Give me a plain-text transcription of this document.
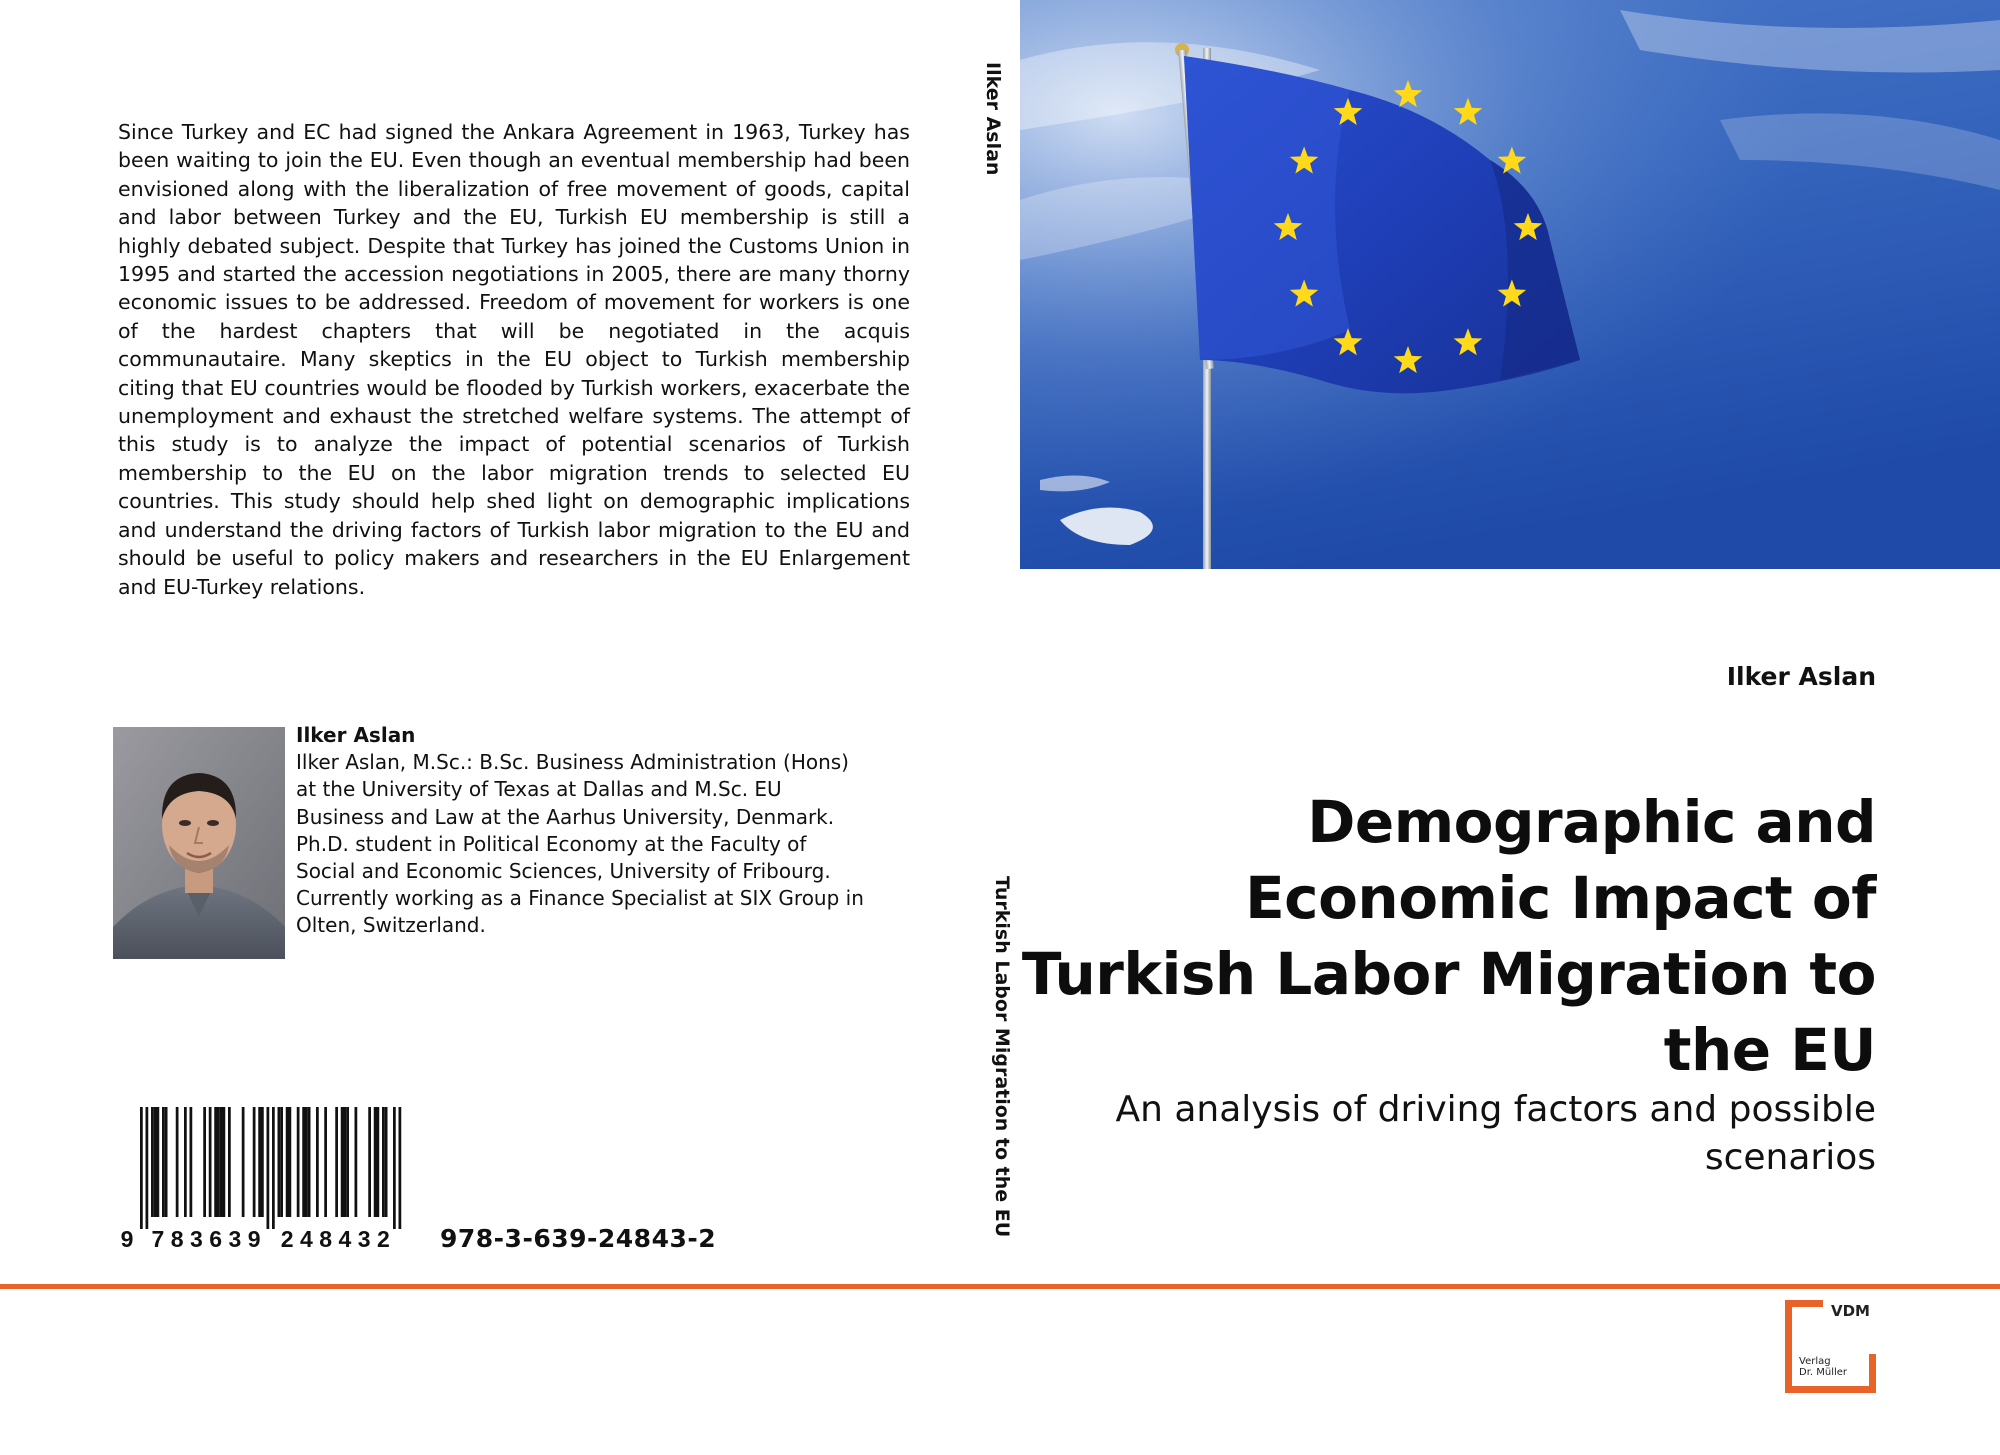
Since Turkey and EC had signed the Ankara Agreement in 1963, Turkey has been waiting to join the EU. Even though an eventual membership had been envisioned along with the liberalization of free movement of goods, capital and labor between Turkey and the EU, Turkish EU membership is still a highly debated subject. Despite that Turkey has joined the Customs Union in 1995 and started the accession negotiations in 2005, there are many thorny economic issues to be addressed. Freedom of movement for workers is one of the hardest chapters that will be negotiated in the acquis communautaire. Many skeptics in the EU object to Turkish membership citing that EU countries would be flooded by Turkish workers, exacerbate the unemployment and exhaust the stretched welfare systems. The attempt of this study is to analyze the impact of potential scenarios of Turkish membership to the EU on the labor migration trends to selected EU countries. This study should help shed light on demographic implications and understand the driving factors of Turkish labor migration to the EU and should be useful to policy makers and researchers in the EU Enlargement and EU-Turkey relations.

Ilker Aslan
Ilker Aslan, M.Sc.: B.Sc. Business Administration (Hons) at the University of Texas at Dallas and M.Sc. EU Business and Law at the Aarhus University, Denmark. Ph.D. student in Political Economy at the Faculty of Social and Economic Sciences, University of Fribourg. Currently working as a Finance Specialist at SIX Group in Olten, Switzerland.
9 7 8 3 6 3 9 2 4 8 4 3 2 978-3-639-24843-2
Ilker Aslan
Turkish Labor Migration to the EU
Ilker Aslan
Demographic and Economic Impact of Turkish Labor Migration to the EU

An analysis of driving factors and possible scenarios

VDM
Verlag
Dr. Müller
